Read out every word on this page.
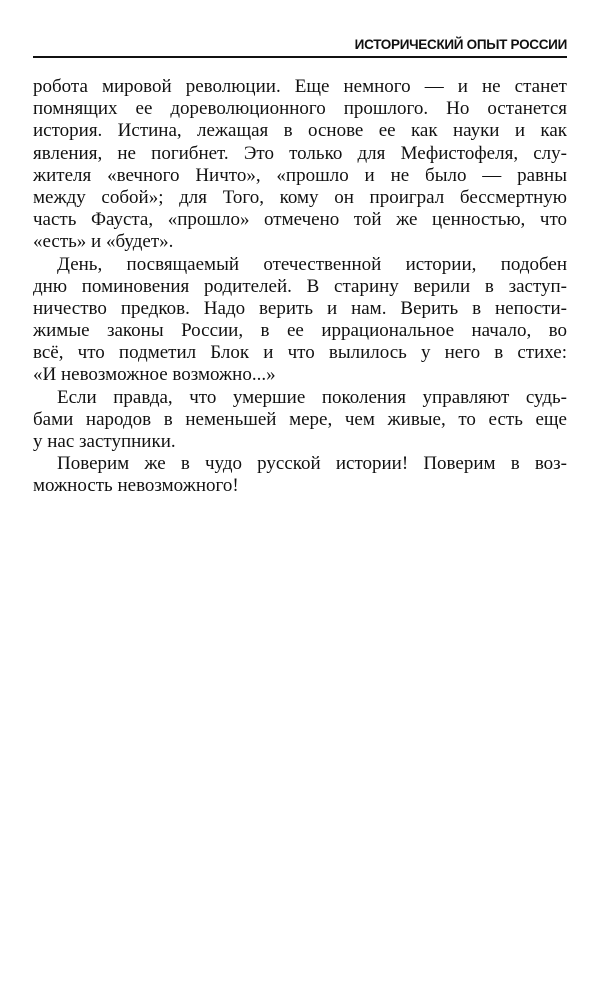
ИСТОРИЧЕСКИЙ ОПЫТ РОССИИ
робота мировой революции. Еще немного — и не станет
помнящих ее дореволюционного прошлого. Но останется
история. Истина, лежащая в основе ее как науки и как
явления, не погибнет. Это только для Мефистофеля, слу-
жителя «вечного Ничто», «прошло и не было — равны
между собой»; для Того, кому он проиграл бессмертную
часть Фауста, «прошло» отмечено той же ценностью, что
«есть» и «будет».
День, посвящаемый отечественной истории, подобен
дню поминовения родителей. В старину верили в заступ-
ничество предков. Надо верить и нам. Верить в непости-
жимые законы России, в ее иррациональное начало, во
всё, что подметил Блок и что вылилось у него в стихе:
«И невозможное возможно...»
Если правда, что умершие поколения управляют судь-
бами народов в неменьшей мере, чем живые, то есть еще
у нас заступники.
Поверим же в чудо русской истории! Поверим в воз-
можность невозможного!
